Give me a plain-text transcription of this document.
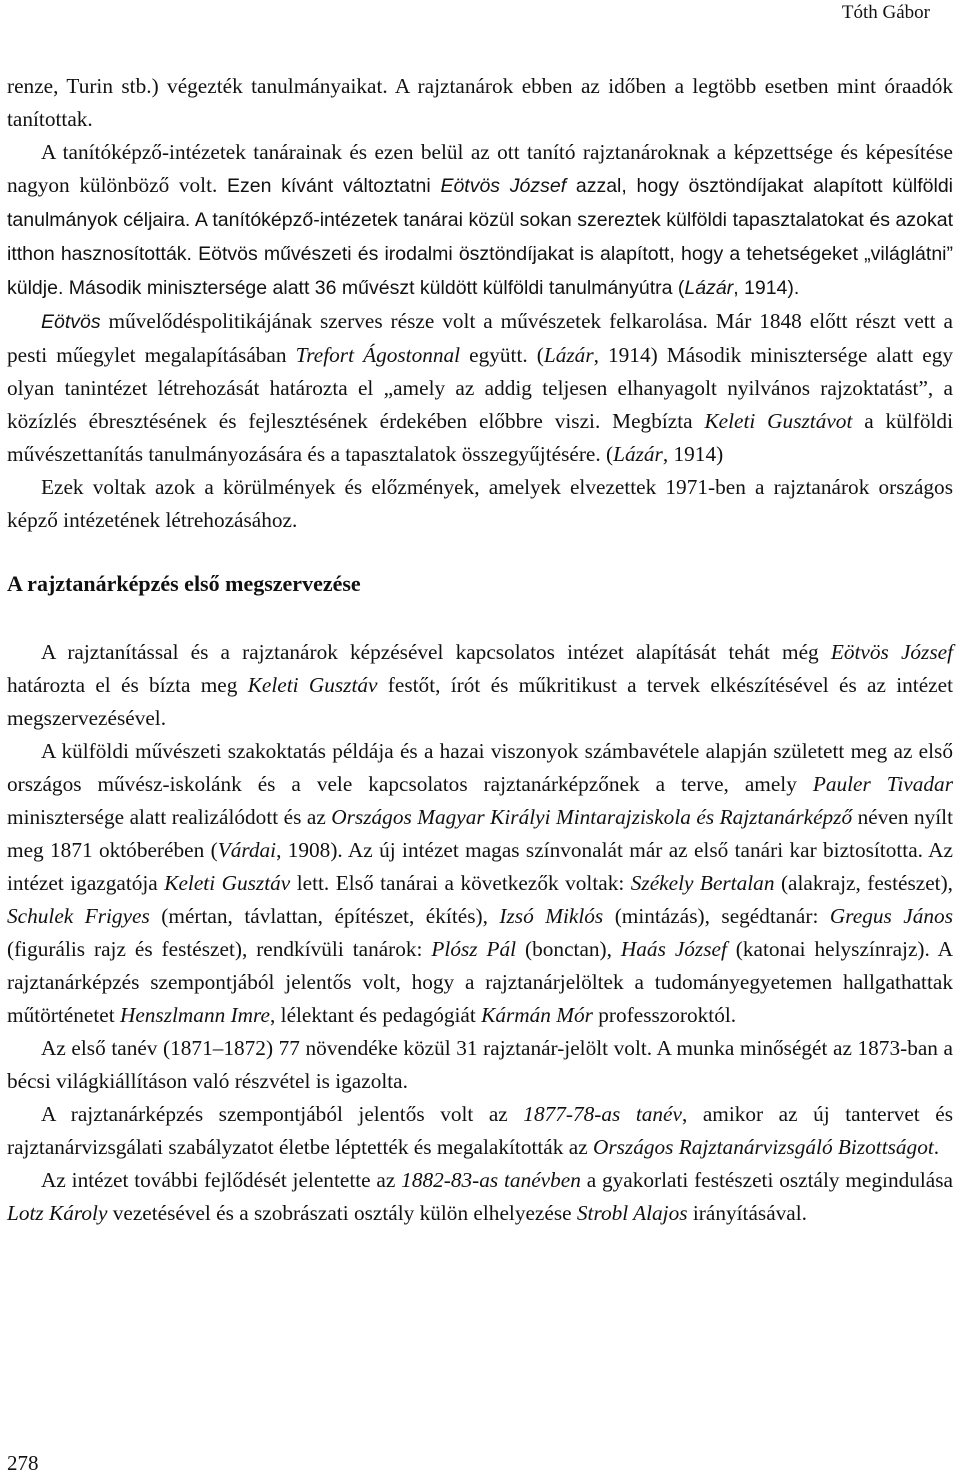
Tóth Gábor

renze, Turin stb.) végezték tanulmányaikat. A rajztanárok ebben az időben a legtöbb esetben mint óraadók tanítottak.

A tanítóképző-intézetek tanárainak és ezen belül az ott tanító rajztanároknak a képzettsége és képesítése nagyon különböző volt. Ezen kívánt változtatni Eötvös József azzal, hogy ösztöndíjakat alapított külföldi tanulmányok céljaira. A tanítóképző-intézetek tanárai közül sokan szereztek külföldi tapasztalatokat és azokat itthon hasznosították. Eötvös művészeti és irodalmi ösztöndíjakat is alapított, hogy a tehetségeket „világlátni” küldje. Második minisztersége alatt 36 művészt küldött külföldi tanulmányútra (Lázár, 1914).

Eötvös művelődéspolitikájának szerves része volt a művészetek felkarolása. Már 1848 előtt részt vett a pesti műegylet megalapításában Trefort Ágostonnal együtt. (Lázár, 1914) Második minisztersége alatt egy olyan tanintézet létrehozását határozta el „amely az addig teljesen elhanyagolt nyilvános rajzoktatást”, a közízlés ébresztésének és fejlesztésének érdekében előbbre viszi. Megbízta Keleti Gusztávot a külföldi művészettanítás tanulmányozására és a tapasztalatok összegyűjtésére. (Lázár, 1914)

Ezek voltak azok a körülmények és előzmények, amelyek elvezettek 1971-ben a rajztanárok országos képző intézetének létrehozásához.

A rajztanárképzés első megszervezése

A rajztanítással és a rajztanárok képzésével kapcsolatos intézet alapítását tehát még Eötvös József határozta el és bízta meg Keleti Gusztáv festőt, írót és műkritikust a tervek elkészítésével és az intézet megszervezésével.

A külföldi művészeti szakoktatás példája és a hazai viszonyok számbavétele alapján született meg az első országos művész-iskolánk és a vele kapcsolatos rajztanárképzőnek a terve, amely Pauler Tivadar minisztersége alatt realizálódott és az Országos Magyar Királyi Mintarajziskola és Rajztanárképző néven nyílt meg 1871 októberében (Várdai, 1908). Az új intézet magas színvonalát már az első tanári kar biztosította. Az intézet igazgatója Keleti Gusztáv lett. Első tanárai a következők voltak: Székely Bertalan (alakrajz, festészet), Schulek Frigyes (mértan, távlattan, építészet, ékítés), Izsó Miklós (mintázás), segédtanár: Gregus János (figurális rajz és festészet), rendkívüli tanárok: Plósz Pál (bonctan), Haás József (katonai helyszínrajz). A rajztanárképzés szempontjából jelentős volt, hogy a rajztanárjelöltek a tudományegyetemen hallgathattak műtörténetet Henszlmann Imre, lélektant és pedagógiát Kármán Mór professzoroktól.

Az első tanév (1871–1872) 77 növendéke közül 31 rajztanár-jelölt volt. A munka minőségét az 1873-ban a bécsi világkiállításon való részvétel is igazolta.

A rajztanárképzés szempontjából jelentős volt az 1877-78-as tanév, amikor az új tantervet és rajztanárvizsgálati szabályzatot életbe léptették és megalakították az Országos Rajztanárvizsgáló Bizottságot.

Az intézet további fejlődését jelentette az 1882-83-as tanévben a gyakorlati festészeti osztály megindulása Lotz Károly vezetésével és a szobrászati osztály külön elhelyezése Strobl Alajos irányításával.

278
